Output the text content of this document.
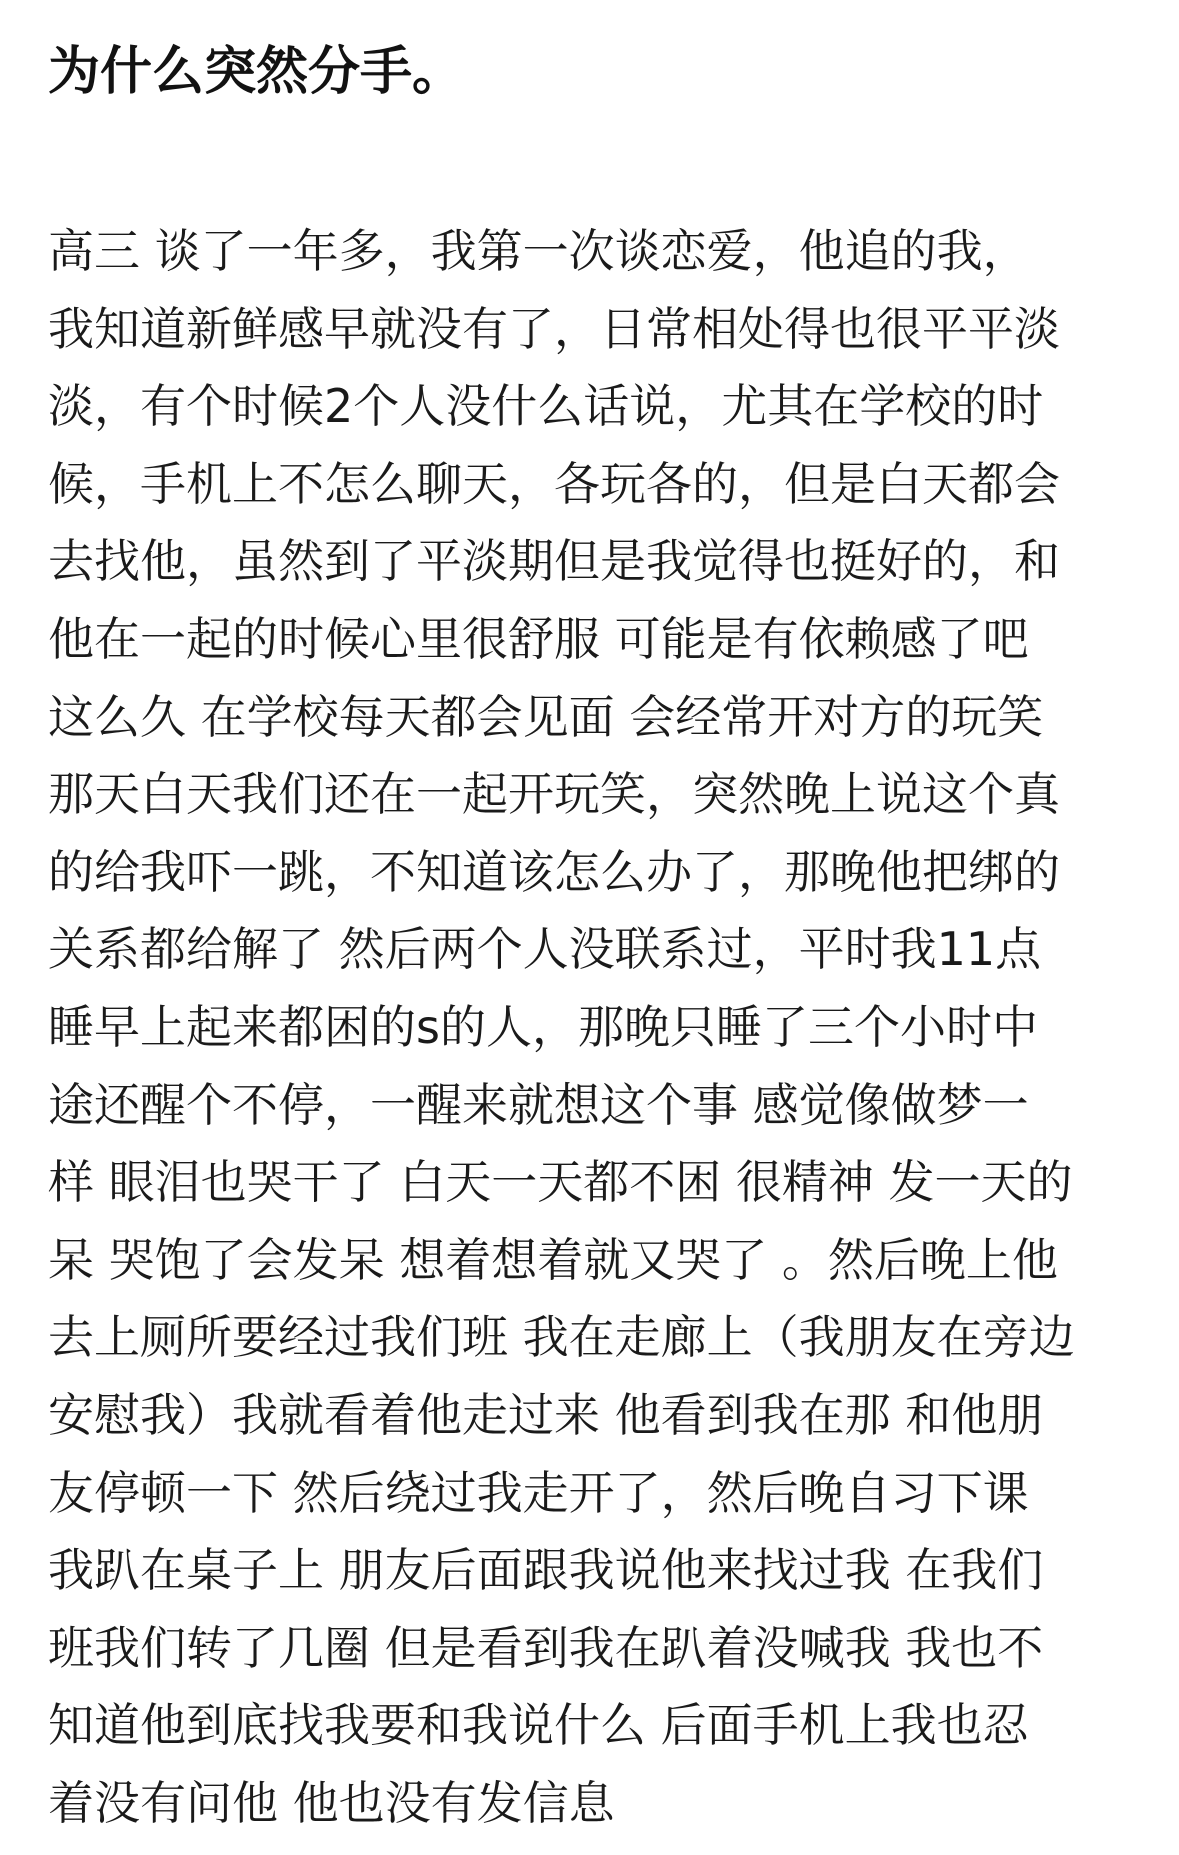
为什么突然分手。
高三 谈了一年多，我第一次谈恋爱，他追的我，
我知道新鲜感早就没有了，日常相处得也很平平淡
淡，有个时候2个人没什么话说，尤其在学校的时
候，手机上不怎么聊天，各玩各的，但是白天都会
去找他，虽然到了平淡期但是我觉得也挺好的，和
他在一起的时候心里很舒服 可能是有依赖感了吧
这么久 在学校每天都会见面 会经常开对方的玩笑
那天白天我们还在一起开玩笑，突然晚上说这个真
的给我吓一跳，不知道该怎么办了，那晚他把绑的
关系都给解了 然后两个人没联系过，平时我11点
睡早上起来都困的s的人，那晚只睡了三个小时中
途还醒个不停，一醒来就想这个事 感觉像做梦一
样 眼泪也哭干了 白天一天都不困 很精神 发一天的
呆 哭饱了会发呆 想着想着就又哭了 。然后晚上他
去上厕所要经过我们班 我在走廊上（我朋友在旁边
安慰我）我就看着他走过来 他看到我在那 和他朋
友停顿一下 然后绕过我走开了，然后晚自习下课
我趴在桌子上 朋友后面跟我说他来找过我 在我们
班我们转了几圈 但是看到我在趴着没喊我 我也不
知道他到底找我要和我说什么 后面手机上我也忍
着没有问他 他也没有发信息
